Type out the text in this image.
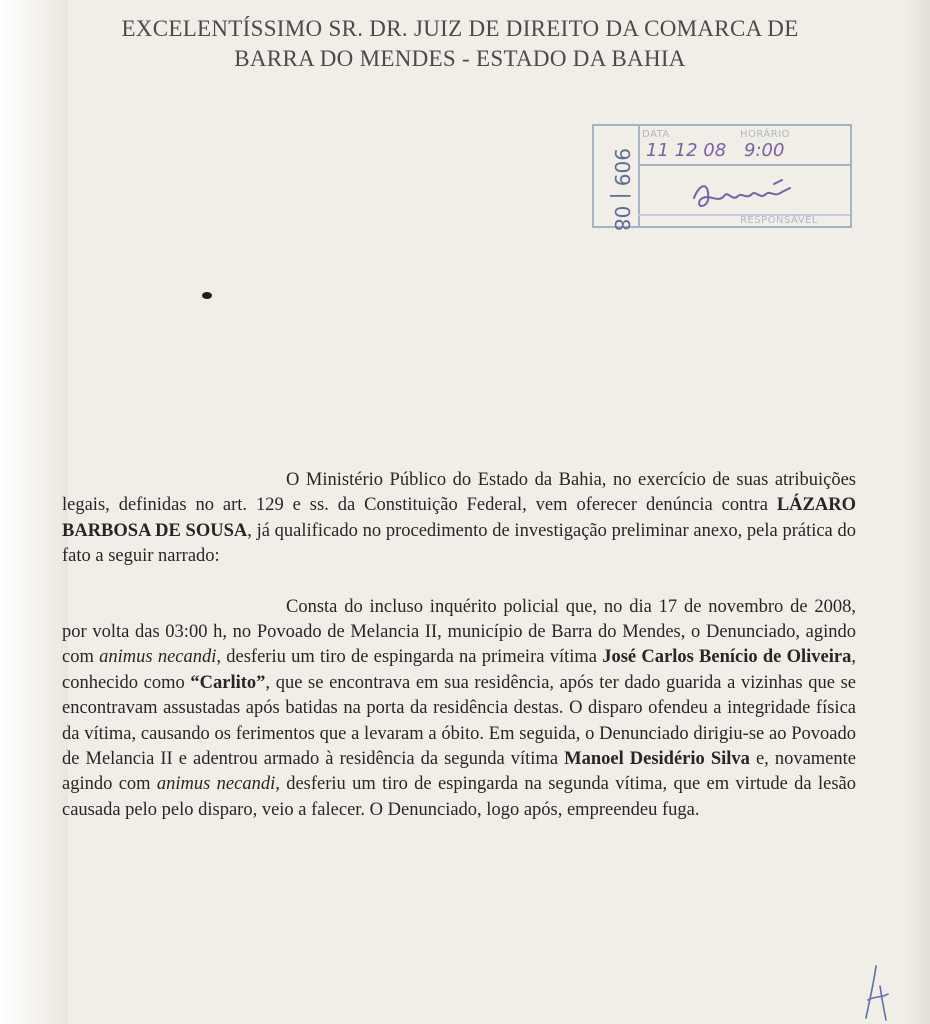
EXCELENTÍSSIMO SR. DR. JUIZ DE DIREITO DA COMARCA DE
BARRA DO MENDES - ESTADO DA BAHIA
909 | 08
DATA	HORÁRIO
RESPONSÁVEL
11 12 08 9:00

O Ministério Público do Estado da Bahia, no exercício de suas atribuições legais, definidas no art. 129 e ss. da Constituição Federal, vem oferecer denúncia contra LÁZARO BARBOSA DE SOUSA, já qualificado no procedimento de investigação preliminar anexo, pela prática do fato a seguir narrado:

Consta do incluso inquérito policial que, no dia 17 de novembro de 2008, por volta das 03:00 h, no Povoado de Melancia II, município de Barra do Mendes, o Denunciado, agindo com animus necandi, desferiu um tiro de espingarda na primeira vítima José Carlos Benício de Oliveira, conhecido como “Carlito”, que se encontrava em sua residência, após ter dado guarida a vizinhas que se encontravam assustadas após batidas na porta da residência destas. O disparo ofendeu a integridade física da vítima, causando os ferimentos que a levaram a óbito. Em seguida, o Denunciado dirigiu-se ao Povoado de Melancia II e adentrou armado à residência da segunda vítima Manoel Desidério Silva e, novamente agindo com animus necandi, desferiu um tiro de espingarda na segunda vítima, que em virtude da lesão causada pelo pelo disparo, veio a falecer. O Denunciado, logo após, empreendeu fuga.
